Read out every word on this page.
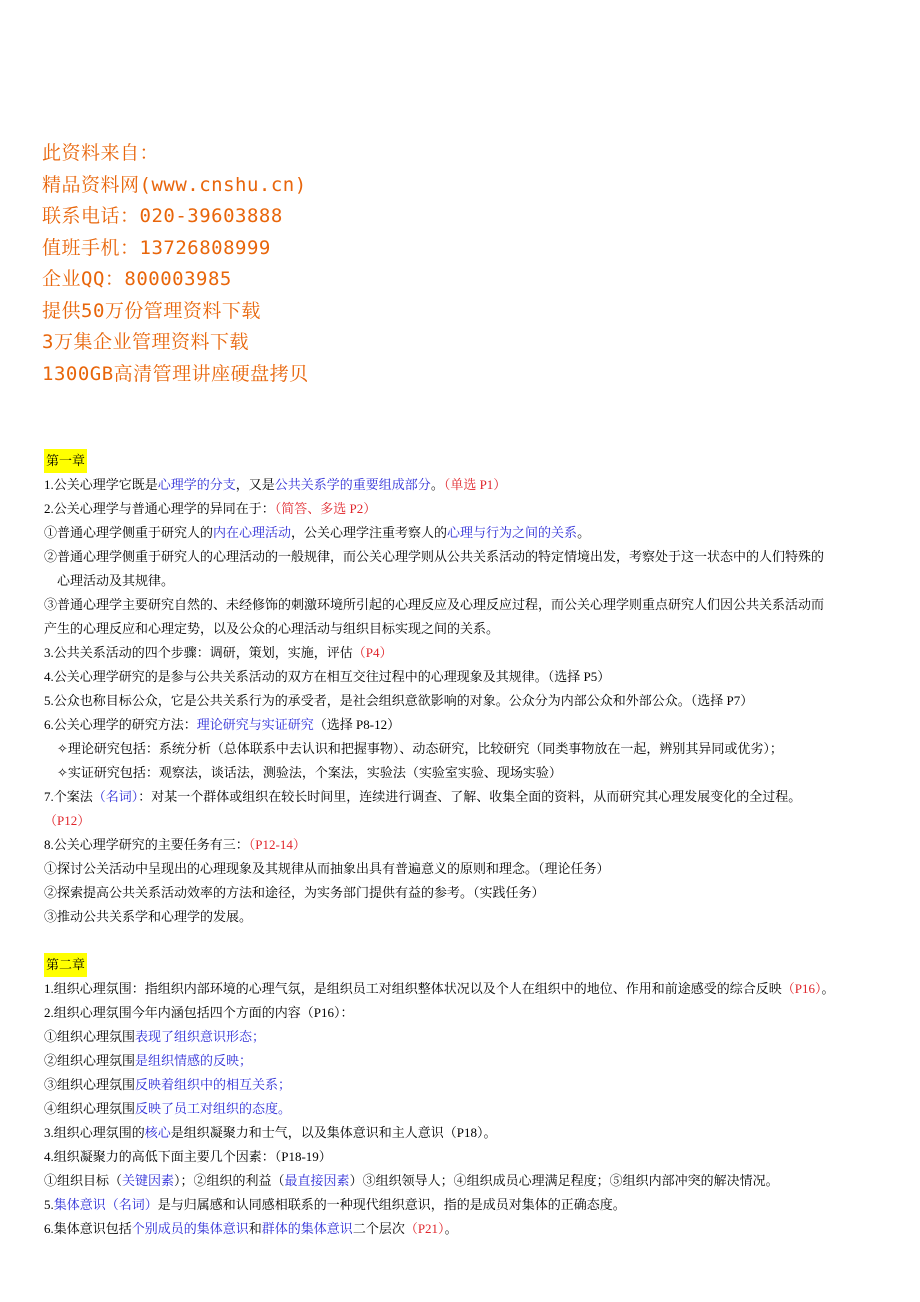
此资料来自：
精品资料网(www.cnshu.cn)
联系电话：020-39603888
值班手机：13726808999
企业QQ：800003985
提供50万份管理资料下载
3万集企业管理资料下载
1300GB高清管理讲座硬盘拷贝
第一章
1.公关心理学它既是心理学的分支，又是公共关系学的重要组成部分。（单选 P1）
2.公关心理学与普通心理学的异同在于：（简答、多选 P2）
①普通心理学侧重于研究人的内在心理活动，公关心理学注重考察人的心理与行为之间的关系。
②普通心理学侧重于研究人的心理活动的一般规律，而公关心理学则从公共关系活动的特定情境出发，考察处于这一状态中的人们特殊的
心理活动及其规律。
③普通心理学主要研究自然的、未经修饰的刺激环境所引起的心理反应及心理反应过程，而公关心理学则重点研究人们因公共关系活动而
产生的心理反应和心理定势，以及公众的心理活动与组织目标实现之间的关系。
3.公共关系活动的四个步骤：调研，策划，实施，评估（P4）
4.公关心理学研究的是参与公共关系活动的双方在相互交往过程中的心理现象及其规律。（选择 P5）
5.公众也称目标公众，它是公共关系行为的承受者，是社会组织意欲影响的对象。公众分为内部公众和外部公众。（选择 P7）
6.公关心理学的研究方法：理论研究与实证研究（选择 P8-12）
✧理论研究包括：系统分析（总体联系中去认识和把握事物）、动态研究，比较研究（同类事物放在一起，辨别其异同或优劣）；
✧实证研究包括：观察法，谈话法，测验法，个案法，实验法（实验室实验、现场实验）
7.个案法（名词）：对某一个群体或组织在较长时间里，连续进行调查、了解、收集全面的资料，从而研究其心理发展变化的全过程。
（P12）
8.公关心理学研究的主要任务有三：（P12-14）
①探讨公关活动中呈现出的心理现象及其规律从而抽象出具有普遍意义的原则和理念。（理论任务）
②探索提高公共关系活动效率的方法和途径，为实务部门提供有益的参考。（实践任务）
③推动公共关系学和心理学的发展。
第二章
1.组织心理氛围：指组织内部环境的心理气氛，是组织员工对组织整体状况以及个人在组织中的地位、作用和前途感受的综合反映（P16）。
2.组织心理氛围今年内涵包括四个方面的内容（P16）：
①组织心理氛围表现了组织意识形态；
②组织心理氛围是组织情感的反映；
③组织心理氛围反映着组织中的相互关系；
④组织心理氛围反映了员工对组织的态度。
3.组织心理氛围的核心是组织凝聚力和士气，以及集体意识和主人意识（P18）。
4.组织凝聚力的高低下面主要几个因素：（P18-19）
①组织目标（关键因素）；②组织的利益（最直接因素）③组织领导人；④组织成员心理满足程度；⑤组织内部冲突的解决情况。
5.集体意识（名词）是与归属感和认同感相联系的一种现代组织意识，指的是成员对集体的正确态度。
6.集体意识包括个别成员的集体意识和群体的集体意识二个层次（P21）。
